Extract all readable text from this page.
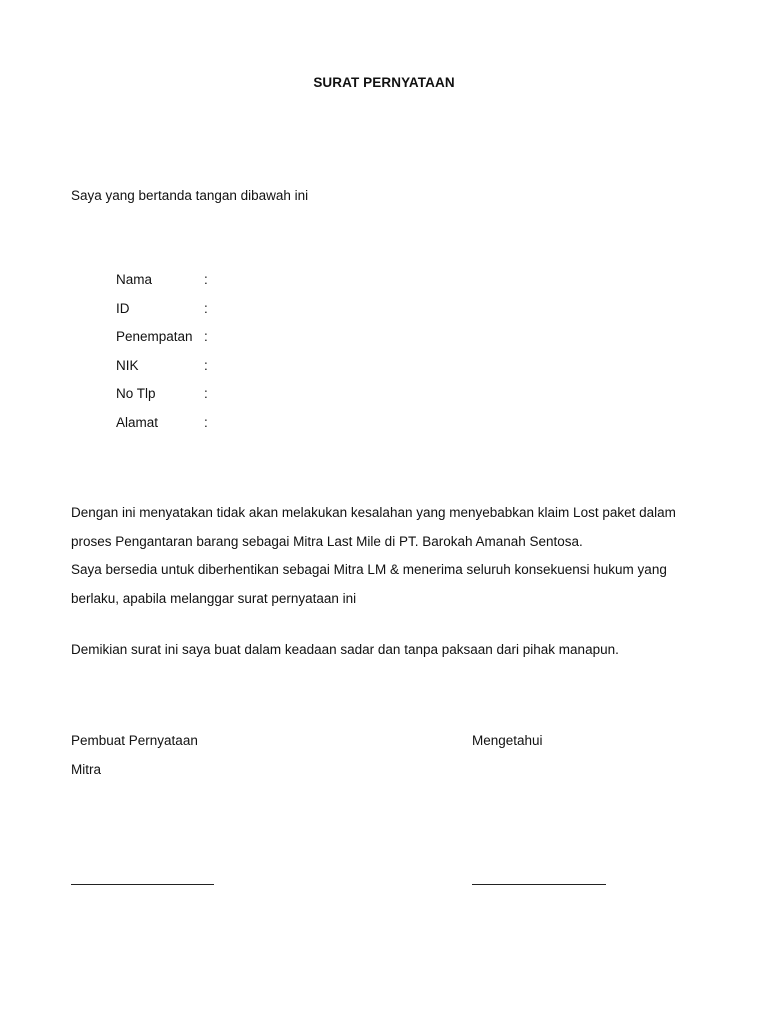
SURAT PERNYATAAN
Saya yang bertanda tangan dibawah ini
Nama	:
ID	:
Penempatan :
NIK	:
No Tlp	:
Alamat	:

Dengan ini menyatakan tidak akan melakukan kesalahan yang menyebabkan klaim Lost paket dalam

proses Pengantaran barang sebagai Mitra Last Mile di PT. Barokah Amanah Sentosa.

Saya bersedia untuk diberhentikan sebagai Mitra LM & menerima seluruh konsekuensi hukum yang

berlaku, apabila melanggar surat pernyataan ini

Demikian surat ini saya buat dalam keadaan sadar dan tanpa paksaan dari pihak manapun.
Pembuat Pernyataan
Mitra
Mengetahui
